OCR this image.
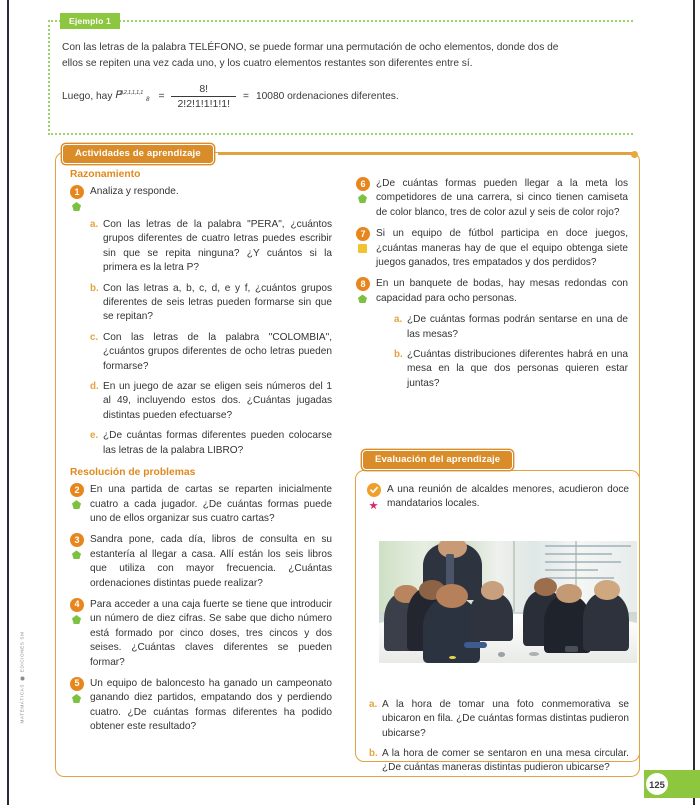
MATEMÁTICAS  EDICIONES SM
Ejemplo 1

Con las letras de la palabra TELÉFONO, se puede formar una permutación de ocho elementos, donde dos de ellos se repiten una vez cada uno, y los cuatro elementos restantes son diferentes entre sí.

Luego, hay $P^{2,2,1,1,1,1}_8 = \frac{8!}{2!2!1!1!1!1!} = 10080$ ordenaciones diferentes.
Actividades de aprendizaje
Razonamiento
1	Analiza y responde.
a. Con las letras de la palabra "PERA", ¿cuántos grupos diferentes de cuatro letras puedes escribir sin que se repita ninguna? ¿Y cuántos si la primera es la letra P?
b. Con las letras a, b, c, d, e y f, ¿cuántos grupos diferentes de seis letras pueden formarse sin que se repitan?
c. Con las letras de la palabra "COLOMBIA", ¿cuántos grupos diferentes de ocho letras pueden formarse?
d. En un juego de azar se eligen seis números del 1 al 49, incluyendo estos dos. ¿Cuántas jugadas distintas pueden efectuarse?
e. ¿De cuántas formas diferentes pueden colocarse las letras de la palabra LIBRO?
Resolución de problemas
2	En una partida de cartas se reparten inicialmente cuatro a cada jugador. ¿De cuántas formas puede uno de ellos organizar sus cuatro cartas?
3	Sandra pone, cada día, libros de consulta en su estantería al llegar a casa. Allí están los seis libros que utiliza con mayor frecuencia. ¿Cuántas ordenaciones distintas puede realizar?
4	Para acceder a una caja fuerte se tiene que introducir un número de diez cifras. Se sabe que dicho número está formado por cinco doses, tres cincos y dos seises. ¿Cuántas claves diferentes se pueden formar?
5	Un equipo de baloncesto ha ganado un campeonato ganando diez partidos, empatando dos y perdiendo cuatro. ¿De cuántas formas diferentes ha podido obtener este resultado?
6	¿De cuántas formas pueden llegar a la meta los competidores de una carrera, si cinco tienen camiseta de color blanco, tres de color azul y seis de color rojo?
7	Si un equipo de fútbol participa en doce juegos, ¿cuántas maneras hay de que el equipo obtenga siete juegos ganados, tres empatados y dos perdidos?
8	En un banquete de bodas, hay mesas redondas con capacidad para ocho personas.
a. ¿De cuántas formas podrán sentarse en una de las mesas?
b. ¿Cuántas distribuciones diferentes habrá en una mesa en la que dos personas quieren estar juntas?
Evaluación del aprendizaje
A una reunión de alcaldes menores, acudieron doce mandatarios locales.
a. A la hora de tomar una foto conmemorativa se ubicaron en fila. ¿De cuántas formas distintas pudieron ubicarse?
b. A la hora de comer se sentaron en una mesa circular. ¿De cuántas maneras distintas pudieron ubicarse?
125
